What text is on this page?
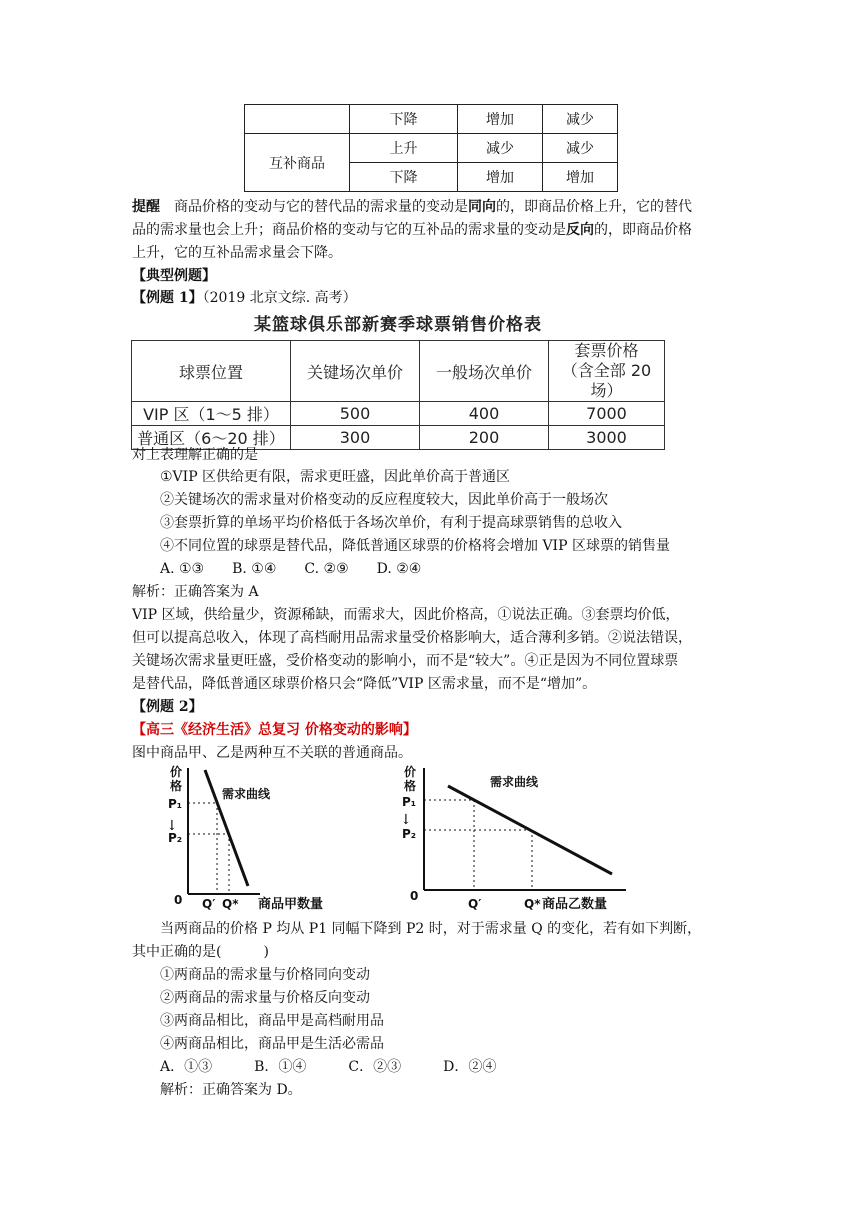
	下降	增加	减少
互补商品	上升	减少	减少
	下降	增加	增加
提醒　商品价格的变动与它的替代品的需求量的变动是同向的，即商品价格上升，它的替代
品的需求量也会上升；商品价格的变动与它的互补品的需求量的变动是反向的，即商品价格
上升，它的互补品需求量会下降。
【典型例题】
【例题 1】（2019 北京文综. 高考）
某篮球俱乐部新赛季球票销售价格表
球票位置	关键场次单价	一般场次单价	套票价格
（含全部 20 场）
VIP 区（1～5 排）	500	400	7000
普通区（6～20 排）	300	200	3000
对上表理解正确的是
①VIP 区供给更有限，需求更旺盛，因此单价高于普通区
②关键场次的需求量对价格变动的反应程度较大，因此单价高于一般场次
③套票折算的单场平均价格低于各场次单价，有利于提高球票销售的总收入
④不同位置的球票是替代品，降低普通区球票的价格将会增加 VIP 区球票的销售量
A. ①③　　B. ①④　　C. ②⑨　　D. ②④
解析：正确答案为 A
VIP 区域，供给量少，资源稀缺，而需求大，因此价格高，①说法正确。③套票均价低，
但可以提高总收入，体现了高档耐用品需求量受价格影响大，适合薄利多销。②说法错误，
关键场次需求量更旺盛，受价格变动的影响小，而不是“较大”。④正是因为不同位置球票
是替代品，降低普通区球票价格只会“降低”VIP 区需求量，而不是“增加”。
【例题 2】
【高三《经济生活》总复习 价格变动的影响】
图中商品甲、乙是两种互不关联的普通商品。
价
格
需求曲线
P₁
P₂
0 Q′ Q* 商品甲数量
↓
价
格	需求曲线
P₁
P₂
0
Q′	Q* 商品乙数量
↓
当两商品的价格 P 均从 P1 同幅下降到 P2 时，对于需求量 Q 的变化，若有如下判断，
其中正确的是(　　　)
①两商品的需求量与价格同向变动
②两商品的需求量与价格反向变动
③两商品相比，商品甲是高档耐用品
④两商品相比，商品甲是生活必需品
A．①③　　　B．①④　　　C．②③　　　D．②④
解析：正确答案为 D。
